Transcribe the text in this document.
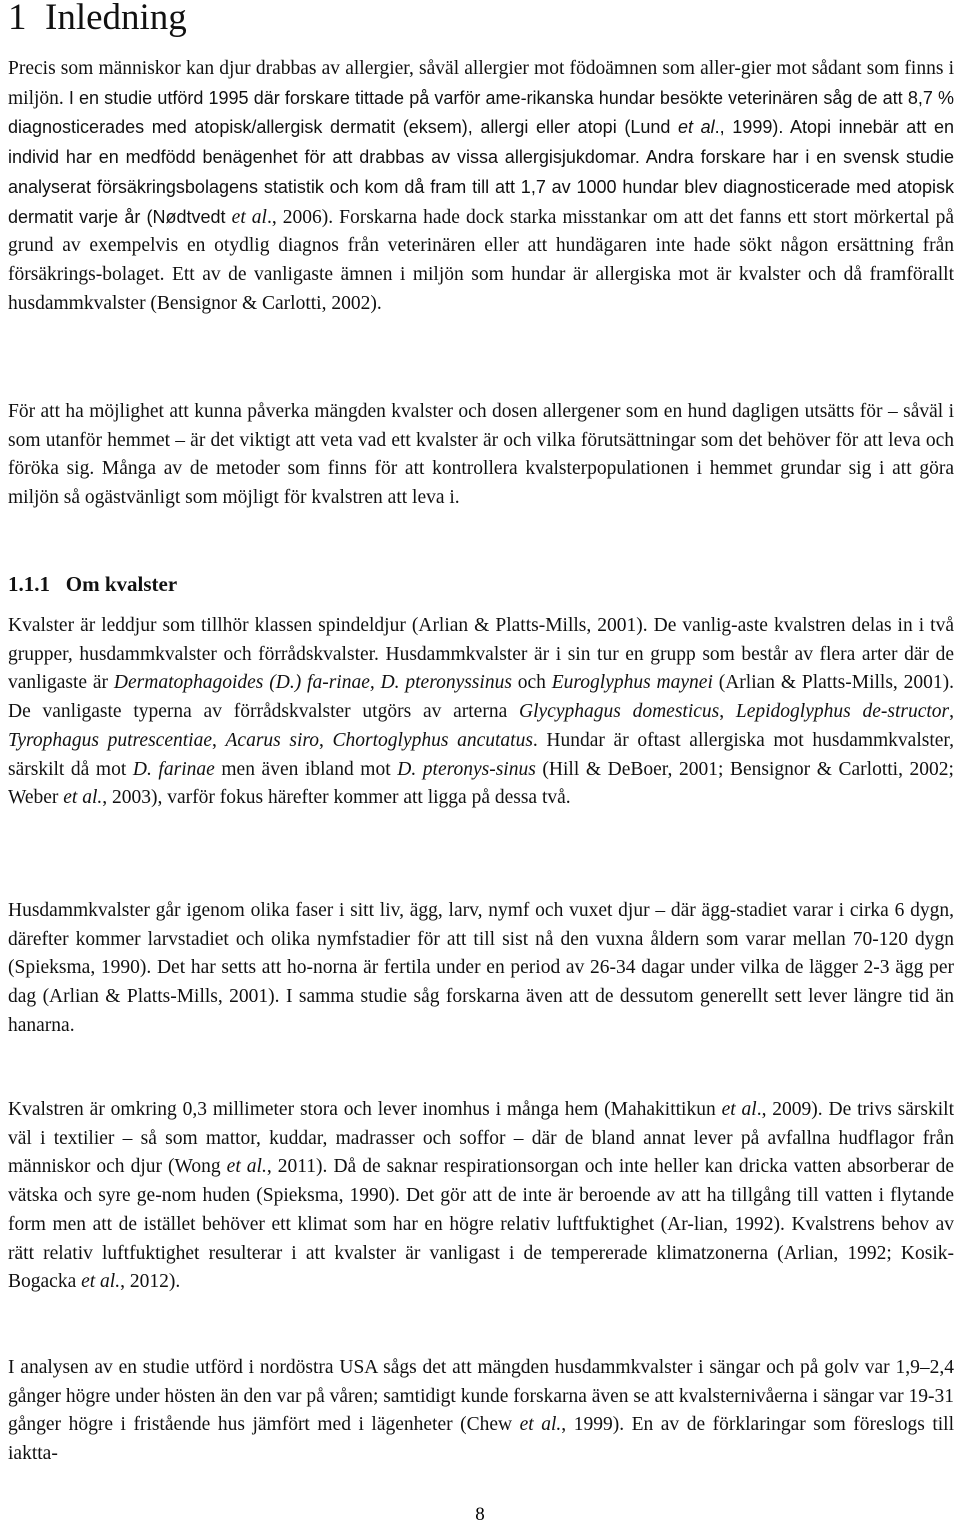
1 Inledning

Precis som människor kan djur drabbas av allergier, såväl allergier mot födoämnen som aller-gier mot sådant som finns i miljön. I en studie utförd 1995 där forskare tittade på varför ame-rikanska hundar besökte veterinären såg de att 8,7 % diagnosticerades med atopisk/allergisk dermatit (eksem), allergi eller atopi (Lund et al., 1999). Atopi innebär att en individ har en medfödd benägenhet för att drabbas av vissa allergisjukdomar. Andra forskare har i en svensk studie analyserat försäkringsbolagens statistik och kom då fram till att 1,7 av 1000 hundar blev diagnosticerade med atopisk dermatit varje år (Nødtvedt et al., 2006). Forskarna hade dock starka misstankar om att det fanns ett stort mörkertal på grund av exempelvis en otydlig diagnos från veterinären eller att hundägaren inte hade sökt någon ersättning från försäkrings-bolaget. Ett av de vanligaste ämnen i miljön som hundar är allergiska mot är kvalster och då framförallt husdammkvalster (Bensignor & Carlotti, 2002).

För att ha möjlighet att kunna påverka mängden kvalster och dosen allergener som en hund dagligen utsätts för – såväl i som utanför hemmet – är det viktigt att veta vad ett kvalster är och vilka förutsättningar som det behöver för att leva och föröka sig. Många av de metoder som finns för att kontrollera kvalsterpopulationen i hemmet grundar sig i att göra miljön så ogästvänligt som möjligt för kvalstren att leva i.

1.1.1 Om kvalster

Kvalster är leddjur som tillhör klassen spindeldjur (Arlian & Platts-Mills, 2001). De vanlig-aste kvalstren delas in i två grupper, husdammkvalster och förrådskvalster. Husdammkvalster är i sin tur en grupp som består av flera arter där de vanligaste är Dermatophagoides (D.) fa-rinae, D. pteronyssinus och Euroglyphus maynei (Arlian & Platts-Mills, 2001). De vanligaste typerna av förrådskvalster utgörs av arterna Glycyphagus domesticus, Lepidoglyphus de-structor, Tyrophagus putrescentiae, Acarus siro, Chortoglyphus ancutatus. Hundar är oftast allergiska mot husdammkvalster, särskilt då mot D. farinae men även ibland mot D. pteronys-sinus (Hill & DeBoer, 2001; Bensignor & Carlotti, 2002; Weber et al., 2003), varför fokus härefter kommer att ligga på dessa två.

Husdammkvalster går igenom olika faser i sitt liv, ägg, larv, nymf och vuxet djur – där ägg-stadiet varar i cirka 6 dygn, därefter kommer larvstadiet och olika nymfstadier för att till sist nå den vuxna åldern som varar mellan 70-120 dygn (Spieksma, 1990). Det har setts att ho-norna är fertila under en period av 26-34 dagar under vilka de lägger 2-3 ägg per dag (Arlian & Platts-Mills, 2001). I samma studie såg forskarna även att de dessutom generellt sett lever längre tid än hanarna.

Kvalstren är omkring 0,3 millimeter stora och lever inomhus i många hem (Mahakittikun et al., 2009). De trivs särskilt väl i textilier – så som mattor, kuddar, madrasser och soffor – där de bland annat lever på avfallna hudflagor från människor och djur (Wong et al., 2011). Då de saknar respirationsorgan och inte heller kan dricka vatten absorberar de vätska och syre ge-nom huden (Spieksma, 1990). Det gör att de inte är beroende av att ha tillgång till vatten i flytande form men att de istället behöver ett klimat som har en högre relativ luftfuktighet (Ar-lian, 1992). Kvalstrens behov av rätt relativ luftfuktighet resulterar i att kvalster är vanligast i de tempererade klimatzonerna (Arlian, 1992; Kosik-Bogacka et al., 2012).

I analysen av en studie utförd i nordöstra USA sågs det att mängden husdammkvalster i sängar och på golv var 1,9–2,4 gånger högre under hösten än den var på våren; samtidigt kunde forskarna även se att kvalsternivåerna i sängar var 19-31 gånger högre i fristående hus jämfört med i lägenheter (Chew et al., 1999). En av de förklaringar som föreslogs till iaktta-

8
